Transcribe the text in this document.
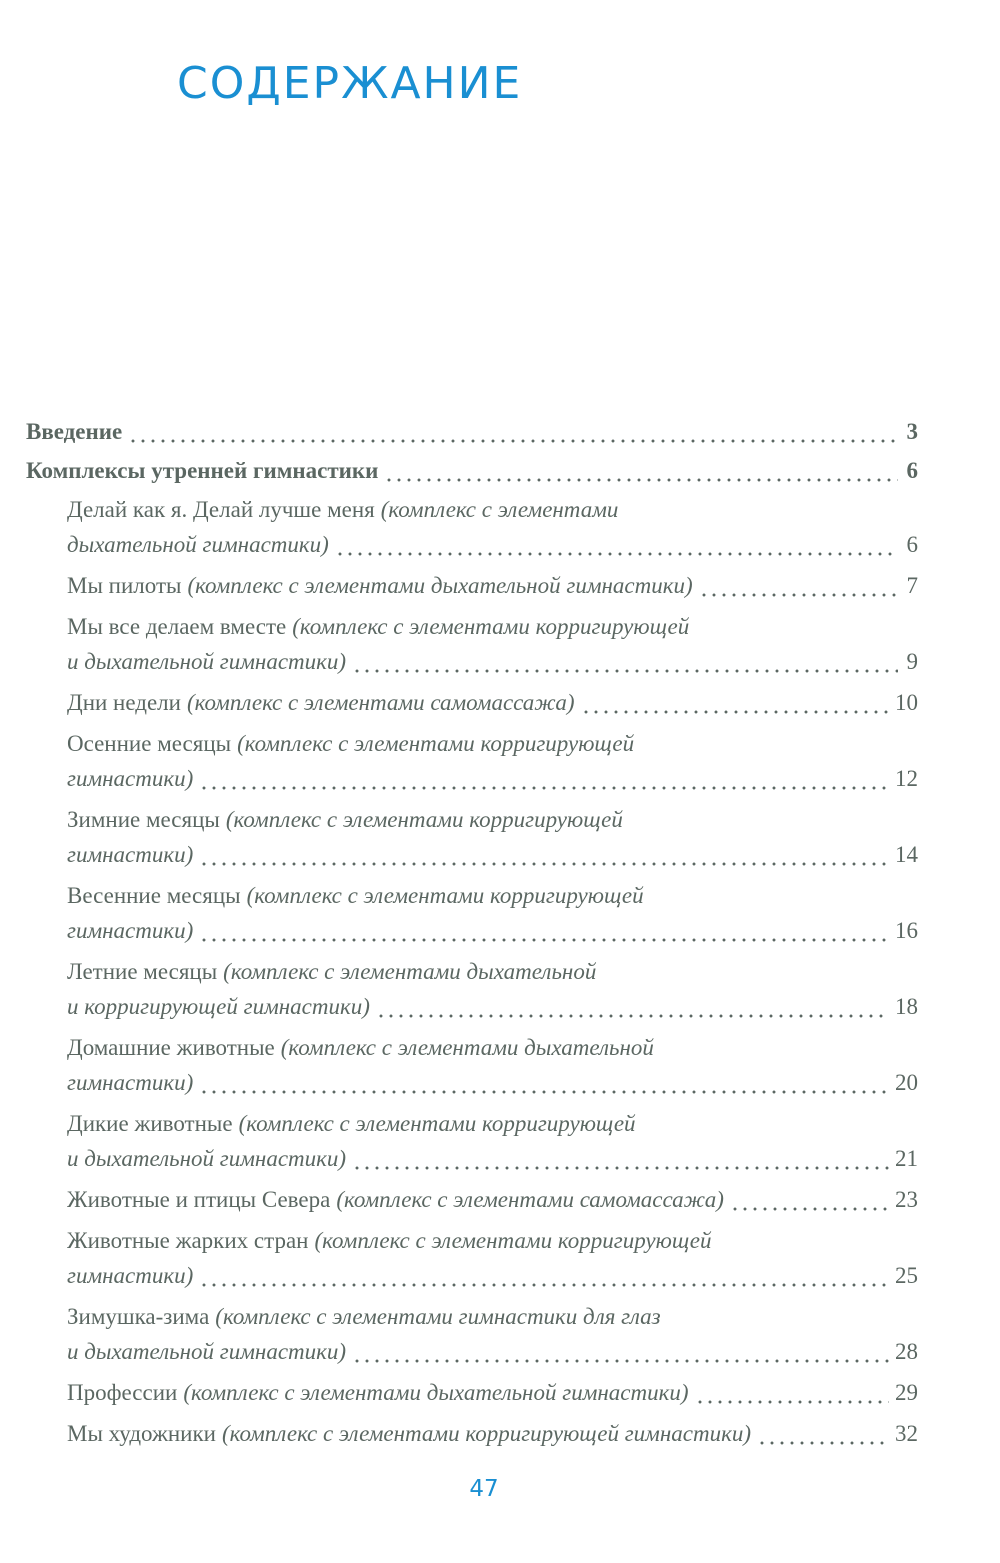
СОДЕРЖАНИЕ
Введение	3
Комплексы утренней гимнастики	6
Делай как я. Делай лучше меня (комплекс с элементами
дыхательной гимнастики)	6
Мы пилоты (комплекс с элементами дыхательной гимнастики)	7
Мы все делаем вместе (комплекс с элементами корригирующей
и дыхательной гимнастики)	9
Дни недели (комплекс с элементами самомассажа)	10
Осенние месяцы (комплекс с элементами корригирующей
гимнастики)	12
Зимние месяцы (комплекс с элементами корригирующей
гимнастики)	14
Весенние месяцы (комплекс с элементами корригирующей
гимнастики)	16
Летние месяцы (комплекс с элементами дыхательной
и корригирующей гимнастики)	18
Домашние животные (комплекс с элементами дыхательной
гимнастики)	20
Дикие животные (комплекс с элементами корригирующей
и дыхательной гимнастики)	21
Животные и птицы Севера (комплекс с элементами самомассажа)	23
Животные жарких стран (комплекс с элементами корригирующей
гимнастики)	25
Зимушка-зима (комплекс с элементами гимнастики для глаз
и дыхательной гимнастики)	28
Профессии (комплекс с элементами дыхательной гимнастики)	29
Мы художники (комплекс с элементами корригирующей гимнастики)	32
47
